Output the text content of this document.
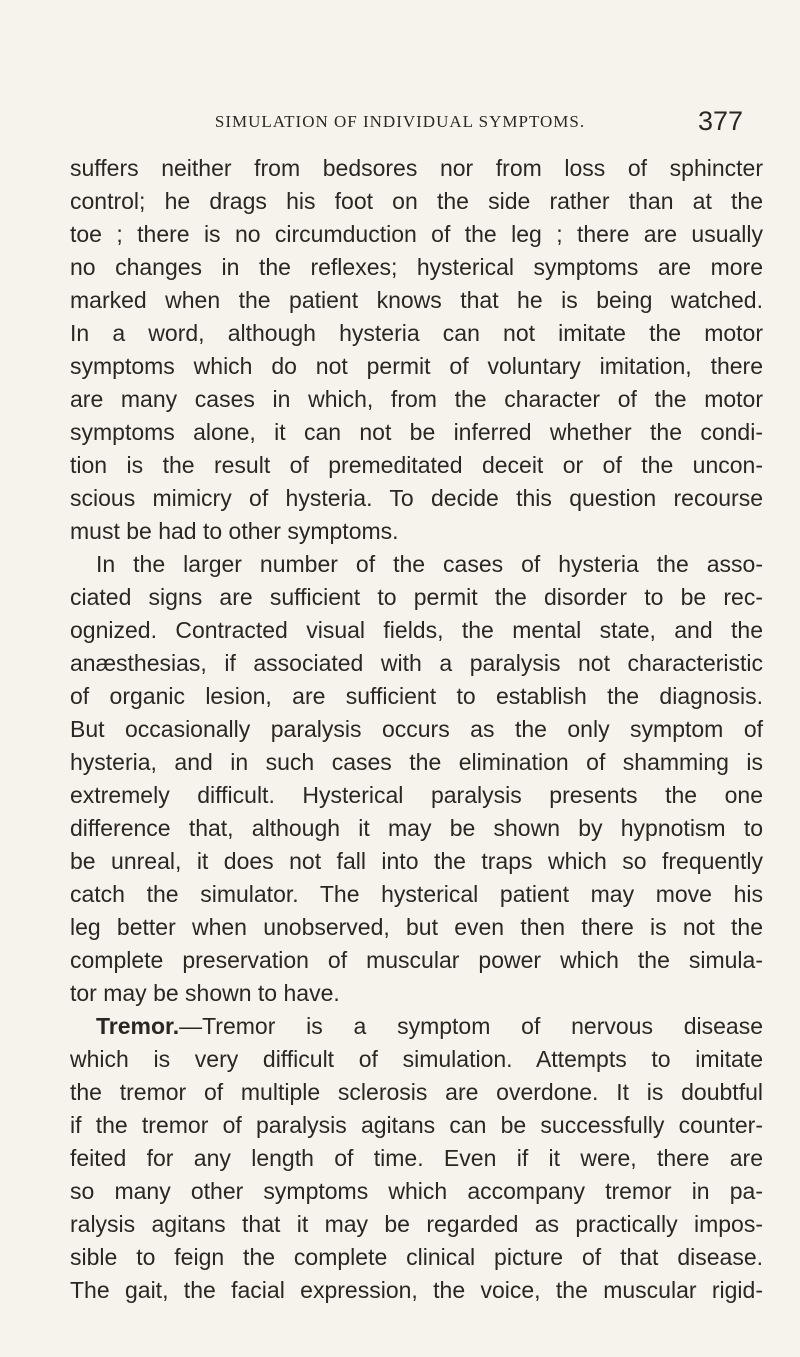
SIMULATION OF INDIVIDUAL SYMPTOMS.	377
suffers neither from bedsores nor from loss of sphincter
control; he drags his foot on the side rather than at the
toe ; there is no circumduction of the leg ; there are usually
no changes in the reflexes; hysterical symptoms are more
marked when the patient knows that he is being watched.
In a word, although hysteria can not imitate the motor
symptoms which do not permit of voluntary imitation, there
are many cases in which, from the character of the motor
symptoms alone, it can not be inferred whether the condi-
tion is the result of premeditated deceit or of the uncon-
scious mimicry of hysteria. To decide this question recourse
must be had to other symptoms.
In the larger number of the cases of hysteria the asso-
ciated signs are sufficient to permit the disorder to be rec-
ognized. Contracted visual fields, the mental state, and the
anæsthesias, if associated with a paralysis not characteristic
of organic lesion, are sufficient to establish the diagnosis.
But occasionally paralysis occurs as the only symptom of
hysteria, and in such cases the elimination of shamming is
extremely difficult. Hysterical paralysis presents the one
difference that, although it may be shown by hypnotism to
be unreal, it does not fall into the traps which so frequently
catch the simulator. The hysterical patient may move his
leg better when unobserved, but even then there is not the
complete preservation of muscular power which the simula-
tor may be shown to have.
Tremor.—Tremor is a symptom of nervous disease
which is very difficult of simulation. Attempts to imitate
the tremor of multiple sclerosis are overdone. It is doubtful
if the tremor of paralysis agitans can be successfully counter-
feited for any length of time. Even if it were, there are
so many other symptoms which accompany tremor in pa-
ralysis agitans that it may be regarded as practically impos-
sible to feign the complete clinical picture of that disease.
The gait, the facial expression, the voice, the muscular rigid-
